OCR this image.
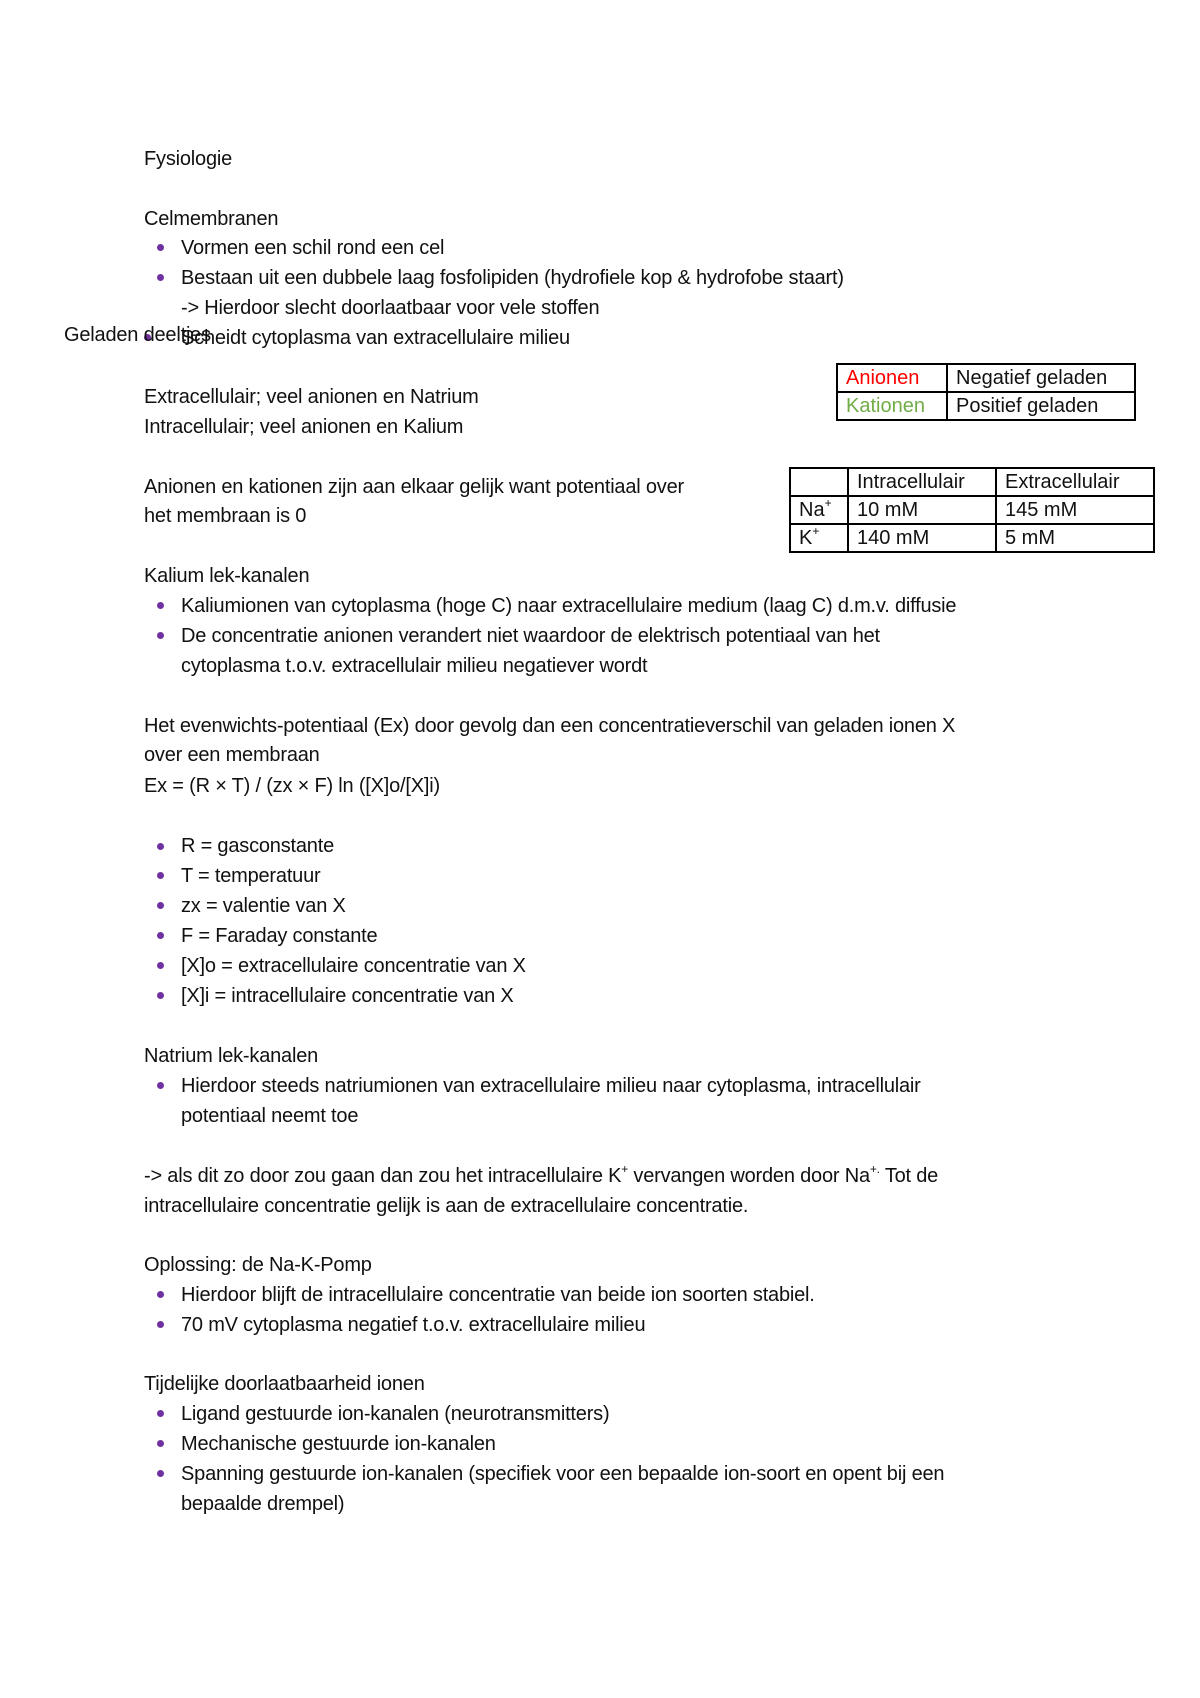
Fysiologie
Celmembranen
Vormen een schil rond een cel
Bestaan uit een dubbele laag fosfolipiden (hydrofiele kop & hydrofobe staart)
-> Hierdoor slecht doorlaatbaar voor vele stoffen
Scheidt cytoplasma van extracellulaire milieu
Geladen deeltjes
Anionen	Negatief geladen
Kationen	Positief geladen
Extracellulair; veel anionen en Natrium
Intracellulair; veel anionen en Kalium
	Intracellulair	Extracellulair
Na+	10 mM	145 mM
K+	140 mM	5 mM
Anionen en kationen zijn aan elkaar gelijk want potentiaal over
het membraan is 0
Kalium lek-kanalen
Kaliumionen van cytoplasma (hoge C) naar extracellulaire medium (laag C) d.m.v. diffusie
De concentratie anionen verandert niet waardoor de elektrisch potentiaal van het
cytoplasma t.o.v. extracellulair milieu negatiever wordt
Het evenwichts-potentiaal (Ex) door gevolg dan een concentratieverschil van geladen ionen X
over een membraan
Ex = (R × T) / (zx × F) ln ([X]o/[X]i)
R = gasconstante
T = temperatuur
zx = valentie van X
F = Faraday constante
[X]o = extracellulaire concentratie van X
[X]i = intracellulaire concentratie van X
Natrium lek-kanalen
Hierdoor steeds natriumionen van extracellulaire milieu naar cytoplasma, intracellulair
potentiaal neemt toe
-> als dit zo door zou gaan dan zou het intracellulaire K+ vervangen worden door Na+. Tot de
intracellulaire concentratie gelijk is aan de extracellulaire concentratie.
Oplossing: de Na-K-Pomp
Hierdoor blijft de intracellulaire concentratie van beide ion soorten stabiel.
70 mV cytoplasma negatief t.o.v. extracellulaire milieu
Tijdelijke doorlaatbaarheid ionen
Ligand gestuurde ion-kanalen (neurotransmitters)
Mechanische gestuurde ion-kanalen
Spanning gestuurde ion-kanalen (specifiek voor een bepaalde ion-soort en opent bij een
bepaalde drempel)
